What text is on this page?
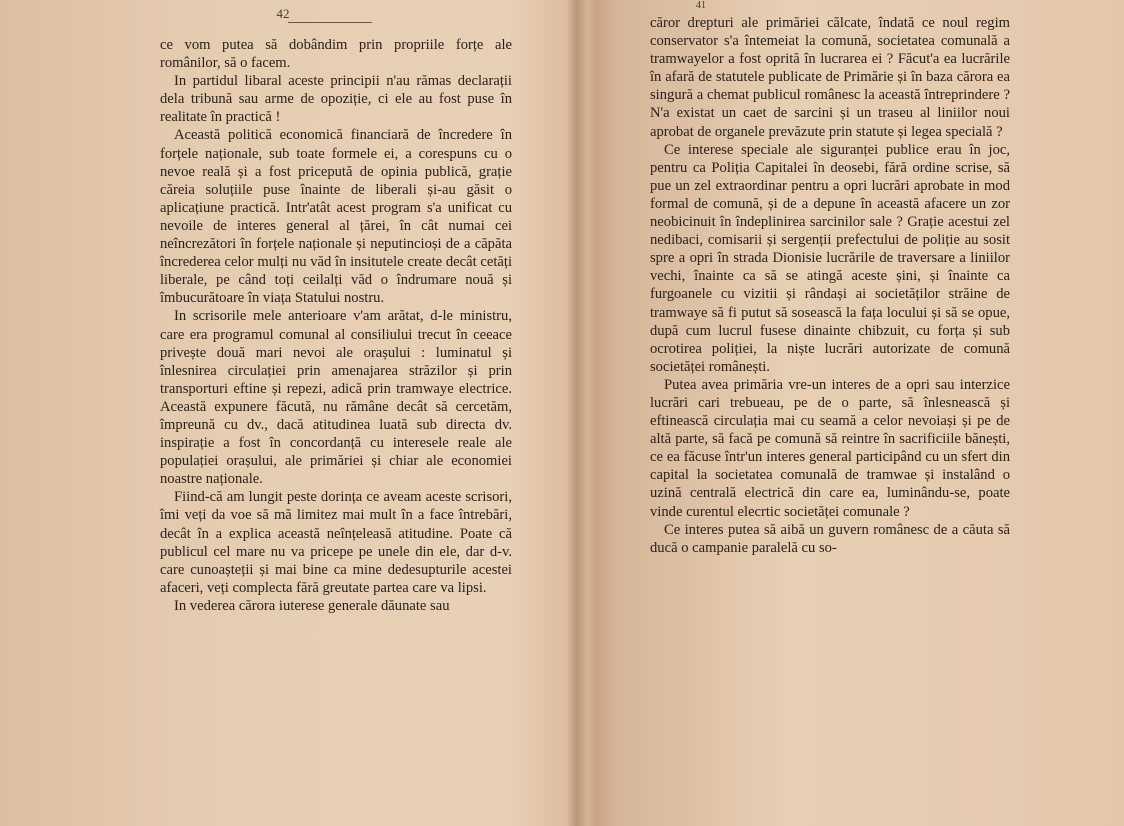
42

ce vom putea să dobândim prin propriile forțe ale românilor, să o facem.

In partidul libaral aceste principii n'au rămas declarații dela tribună sau arme de opoziție, ci ele au fost puse în realitate în practică !

Această politică economică financiară de încredere în forțele naționale, sub toate formele ei, a corespuns cu o nevoe reală și a fost pricepută de opinia publică, grație căreia soluțiile puse înainte de liberali și-au găsit o aplicațiune practică. Intr'atât acest program s'a unificat cu nevoile de interes general al țărei, în cât numai cei neîncrezători în forțele naționale și neputincioși de a căpăta încrederea celor mulți nu văd în insitutele create decât cetăți liberale, pe când toți ceilalți văd o îndrumare nouă și îmbucurătoare în viața Statului nostru.

In scrisorile mele anterioare v'am arătat, d-le ministru, care era programul comunal al consiliului trecut în ceeace privește două mari nevoi ale orașului : luminatul și înlesnirea circulației prin amenajarea străzilor și prin transporturi eftine și repezi, adică prin tramwaye electrice. Această expunere făcută, nu rămâne decât să cercetăm, împreună cu dv., dacă atitudinea luată sub directa dv. inspirație a fost în concordanță cu interesele reale ale populației orașului, ale primăriei și chiar ale economiei noastre naționale.

Fiind-că am lungit peste dorința ce aveam aceste scrisori, îmi veți da voe să mă limitez mai mult în a face întrebări, decât în a explica această neînțeleasă atitudine. Poate că publicul cel mare nu va pricepe pe unele din ele, dar d-v. care cunoașteții și mai bine ca mine dedesupturile acestei afaceri, veți complecta fără greutate partea care va lipsi.

In vederea cărora iuterese generale dăunate sau

41

căror drepturi ale primăriei călcate, îndată ce noul regim conservator s'a întemeiat la comună, societatea comunală a tramwayelor a fost oprită în lucrarea ei ? Făcut'a ea lucrările în afară de statutele publicate de Primărie și în baza cărora ea singură a chemat publicul românesc la această întreprindere ? N'a existat un caet de sarcini și un traseu al liniilor noui aprobat de organele prevăzute prin statute și legea specială ?

Ce interese speciale ale siguranței publice erau în joc, pentru ca Poliția Capitalei în deosebi, fără ordine scrise, să pue un zel extraordinar pentru a opri lucrări aprobate in mod formal de comună, și de a depune în această afacere un zor neobicinuit în îndeplinirea sarcinilor sale ? Grație acestui zel nedibaci, comisarii și sergenții prefectului de poliție au sosit spre a opri în strada Dionisie lucrările de traversare a liniilor vechi, înainte ca să se atingă aceste șini, și înainte ca furgoanele cu vizitii și rândași ai societăților străine de tramwaye să fi putut să sosească la fața locului și să se opue, după cum lucrul fusese dinainte chibzuit, cu forța și sub ocrotirea poliției, la niște lucrări autorizate de comună societăței românești.

Putea avea primăria vre-un interes de a opri sau interzice lucrări cari trebueau, pe de o parte, să înlesnească și eftinească circulația mai cu seamă a celor nevoiași și pe de altă parte, să facă pe comună să reintre în sacrificiile bănești, ce ea făcuse într'un interes general participând cu un sfert din capital la societatea comunală de tramwae și instalând o uzină centrală electrică din care ea, luminându-se, poate vinde curentul elecrtic societăței comunale ?

Ce interes putea să aibă un guvern românesc de a căuta să ducă o campanie paralelă cu so-
